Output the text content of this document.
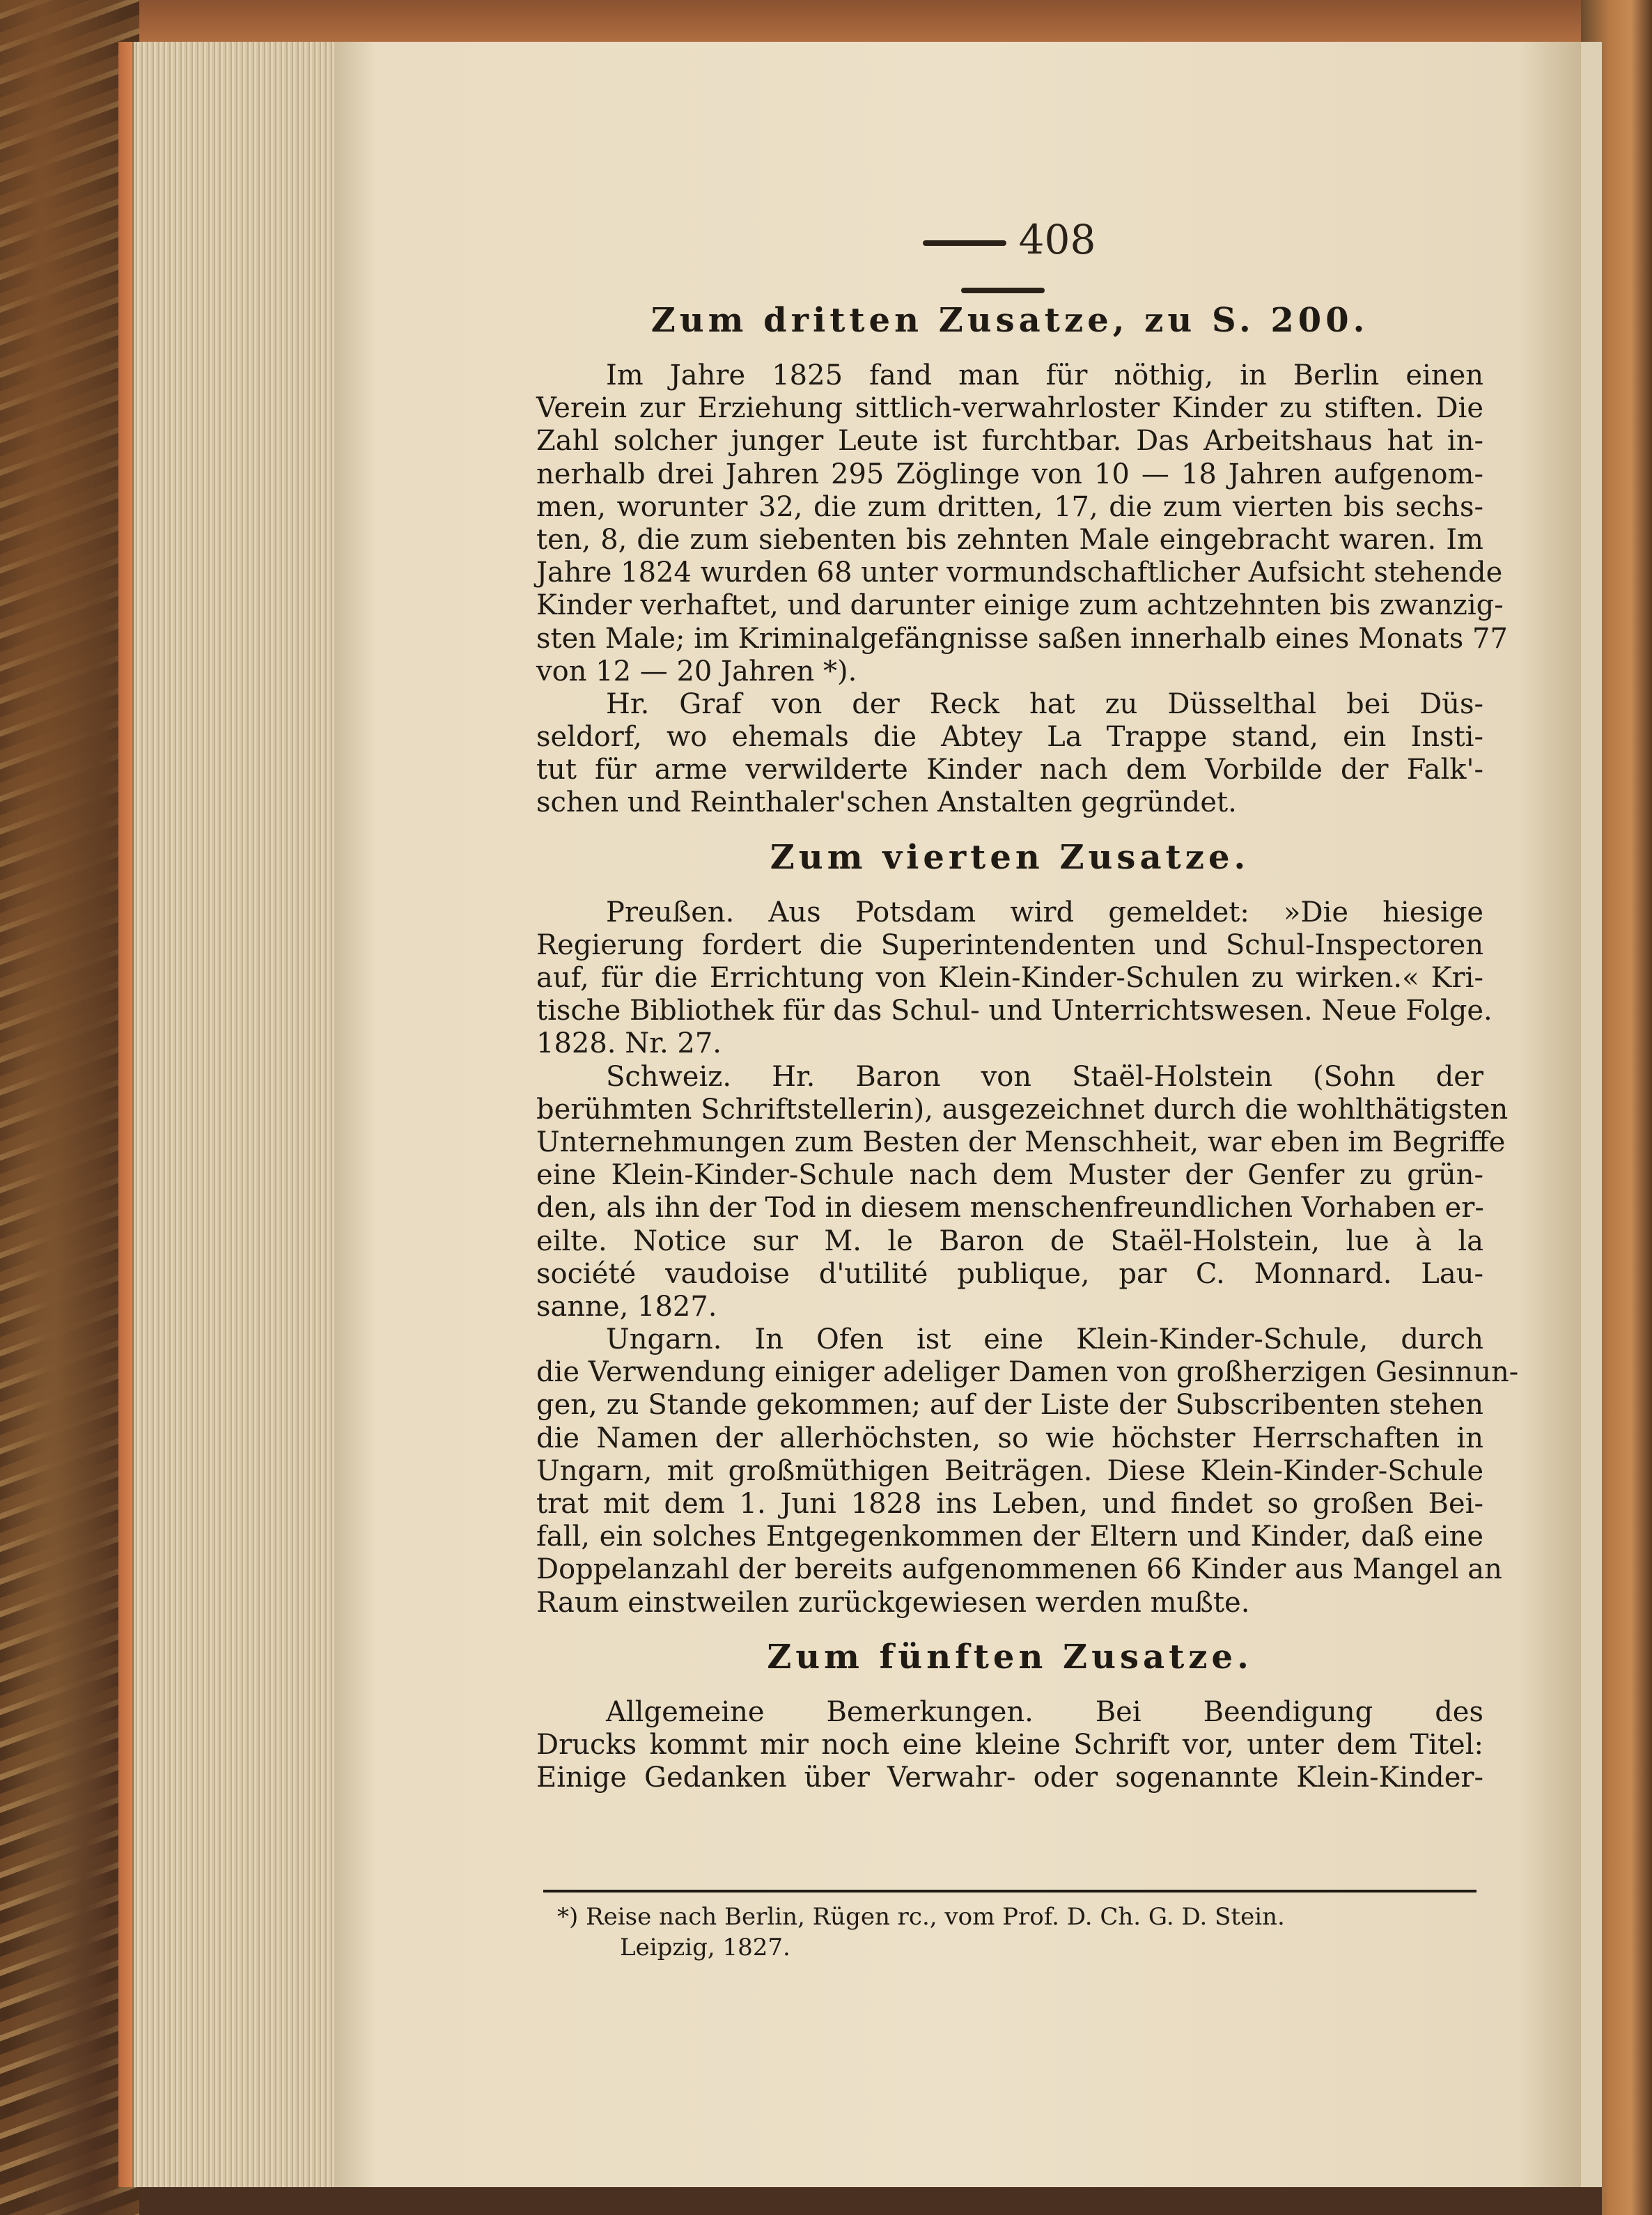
408
Zum dritten Zusatze, zu S. 200.
Im Jahre 1825 fand man für nöthig, in Berlin einen
Verein zur Erziehung sittlich-verwahrloster Kinder zu stiften. Die
Zahl solcher junger Leute ist furchtbar. Das Arbeitshaus hat in-
nerhalb drei Jahren 295 Zöglinge von 10 — 18 Jahren aufgenom-
men, worunter 32, die zum dritten, 17, die zum vierten bis sechs-
ten, 8, die zum siebenten bis zehnten Male eingebracht waren. Im
Jahre 1824 wurden 68 unter vormundschaftlicher Aufsicht stehende
Kinder verhaftet, und darunter einige zum achtzehnten bis zwanzig-
sten Male; im Kriminalgefängnisse saßen innerhalb eines Monats 77
von 12 — 20 Jahren *).
Hr. Graf von der Reck hat zu Düsselthal bei Düs-
seldorf, wo ehemals die Abtey La Trappe stand, ein Insti-
tut für arme verwilderte Kinder nach dem Vorbilde der Falk'-
schen und Reinthaler'schen Anstalten gegründet.
Zum vierten Zusatze.
Preußen. Aus Potsdam wird gemeldet: »Die hiesige
Regierung fordert die Superintendenten und Schul-Inspectoren
auf, für die Errichtung von Klein-Kinder-Schulen zu wirken.« Kri-
tische Bibliothek für das Schul- und Unterrichtswesen. Neue Folge.
1828. Nr. 27.
Schweiz. Hr. Baron von Staël-Holstein (Sohn der
berühmten Schriftstellerin), ausgezeichnet durch die wohlthätigsten
Unternehmungen zum Besten der Menschheit, war eben im Begriffe
eine Klein-Kinder-Schule nach dem Muster der Genfer zu grün-
den, als ihn der Tod in diesem menschenfreundlichen Vorhaben er-
eilte. Notice sur M. le Baron de Staël-Holstein, lue à la
société vaudoise d'utilité publique, par C. Monnard. Lau-
sanne, 1827.
Ungarn. In Ofen ist eine Klein-Kinder-Schule, durch
die Verwendung einiger adeliger Damen von großherzigen Gesinnun-
gen, zu Stande gekommen; auf der Liste der Subscribenten stehen
die Namen der allerhöchsten, so wie höchster Herrschaften in
Ungarn, mit großmüthigen Beiträgen. Diese Klein-Kinder-Schule
trat mit dem 1. Juni 1828 ins Leben, und findet so großen Bei-
fall, ein solches Entgegenkommen der Eltern und Kinder, daß eine
Doppelanzahl der bereits aufgenommenen 66 Kinder aus Mangel an
Raum einstweilen zurückgewiesen werden mußte.
Zum fünften Zusatze.
Allgemeine Bemerkungen. Bei Beendigung des
Drucks kommt mir noch eine kleine Schrift vor, unter dem Titel:
Einige Gedanken über Verwahr- oder sogenannte Klein-Kinder-
*) Reise nach Berlin, Rügen rc., vom Prof. D. Ch. G. D. Stein.
Leipzig, 1827.
